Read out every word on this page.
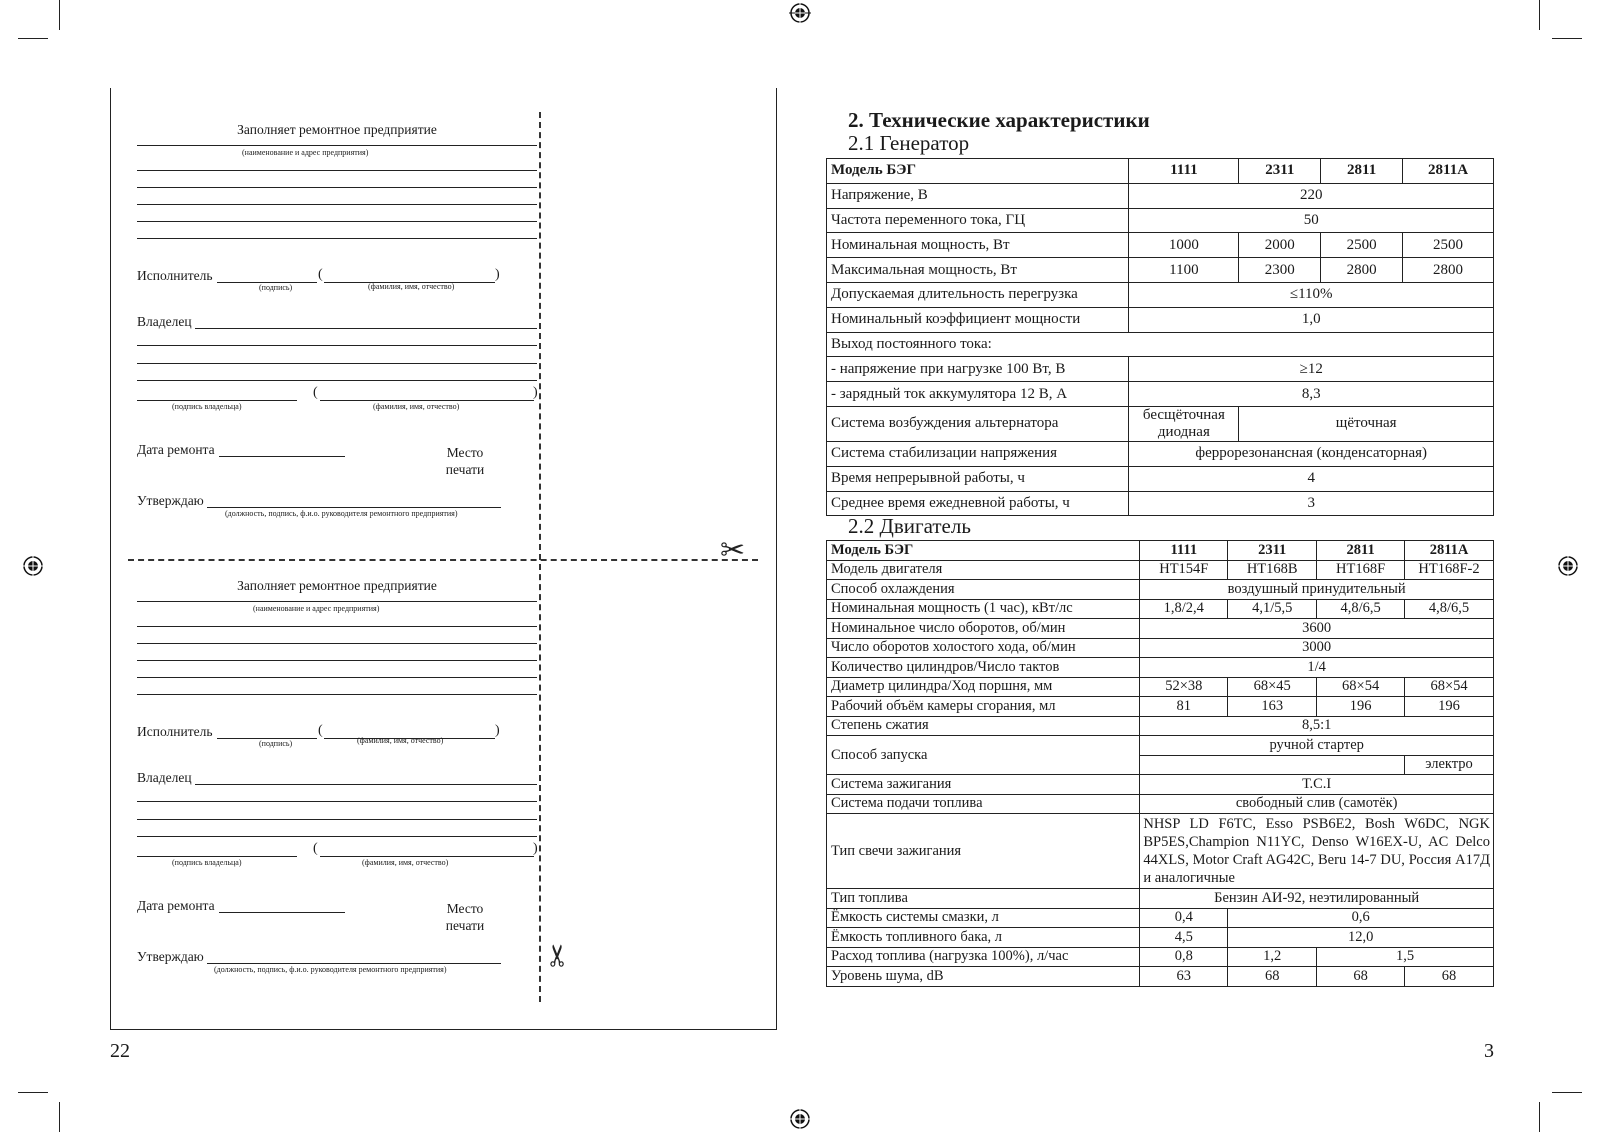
✂
✂
Заполняет ремонтное предприятие
(наименование и адрес предприятия)
Исполнитель	(	)
(подпись)	(фамилия, имя, отчество)
Владелец
(	)
(подпись владельца)	(фамилия, имя, отчество)
Дата ремонта	Место
печати
Утверждаю
(должность, подпись, ф.и.о. руководителя ремонтного предприятия)
Заполняет ремонтное предприятие
(наименование и адрес предприятия)
Исполнитель	(	)
(подпись)	(фамилия, имя, отчество)
Владелец
(	)
(подпись владельца)	(фамилия, имя, отчество)
Дата ремонта	Место
печати
Утверждаю
(должность, подпись, ф.и.о. руководителя ремонтного предприятия)
22
2. Технические характеристики
2.1 Генератор
Модель БЭГ	1111	2311	2811	2811А
Напряжение, В	220			
Частота переменного тока, ГЦ	50			
Номинальная мощность, Вт	1000	2000	2500	2500
Максимальная мощность, Вт	1100	2300	2800	2800
Допускаемая длительность перегрузка	≤110%			
Номинальный коэффициент мощности	1,0			
Выход постоянного тока:				
- напряжение при нагрузке 100 Вт, В	≥12			
- зарядный ток аккумулятора 12 В, А	8,3			
Система возбуждения альтернатора	бесщёточная диодная	щёточная		
Система стабилизации напряжения	феррорезонансная (конденсаторная)			
Время непрерывной работы, ч	4			
Среднее время ежедневной работы, ч	3			
2.2 Двигатель
Модель БЭГ	1111	2311	2811	2811А
Модель двигателя	НТ154F	НТ168В	НТ168F	НТ168F-2
Способ охлаждения	воздушный принудительный			
Номинальная мощность (1 час), кВт/лс	1,8/2,4	4,1/5,5	4,8/6,5	4,8/6,5
Номинальное число оборотов, об/мин	3600			
Число оборотов холостого хода, об/мин	3000			
Количество цилиндров/Число тактов	1/4			
Диаметр цилиндра/Ход поршня, мм	52×38	68×45	68×54	68×54
Рабочий объём камеры сгорания, мл	81	163	196	196
Степень сжатия	8,5:1			
Способ запуска	ручной стартер			
				электро
Система зажигания	Т.С.I			
Система подачи топлива	свободный слив (самотёк)			
Тип свечи зажигания	NHSP LD F6TC, Esso PSB6E2, Bosh W6DC, NGK BP5ES,Champion N11YC, Denso W16EX-U, AC Delco 44XLS, Motor Craft AG42C, Beru 14-7 DU, Россия А17Д и аналогичные			
Тип топлива	Бензин АИ-92, неэтилированный			
Ёмкость системы смазки, л	0,4	0,6		
Ёмкость топливного бака, л	4,5	12,0		
Расход топлива (нагрузка 100%), л/час	0,8	1,2	1,5	
Уровень шума, dB	63	68	68	68
3
